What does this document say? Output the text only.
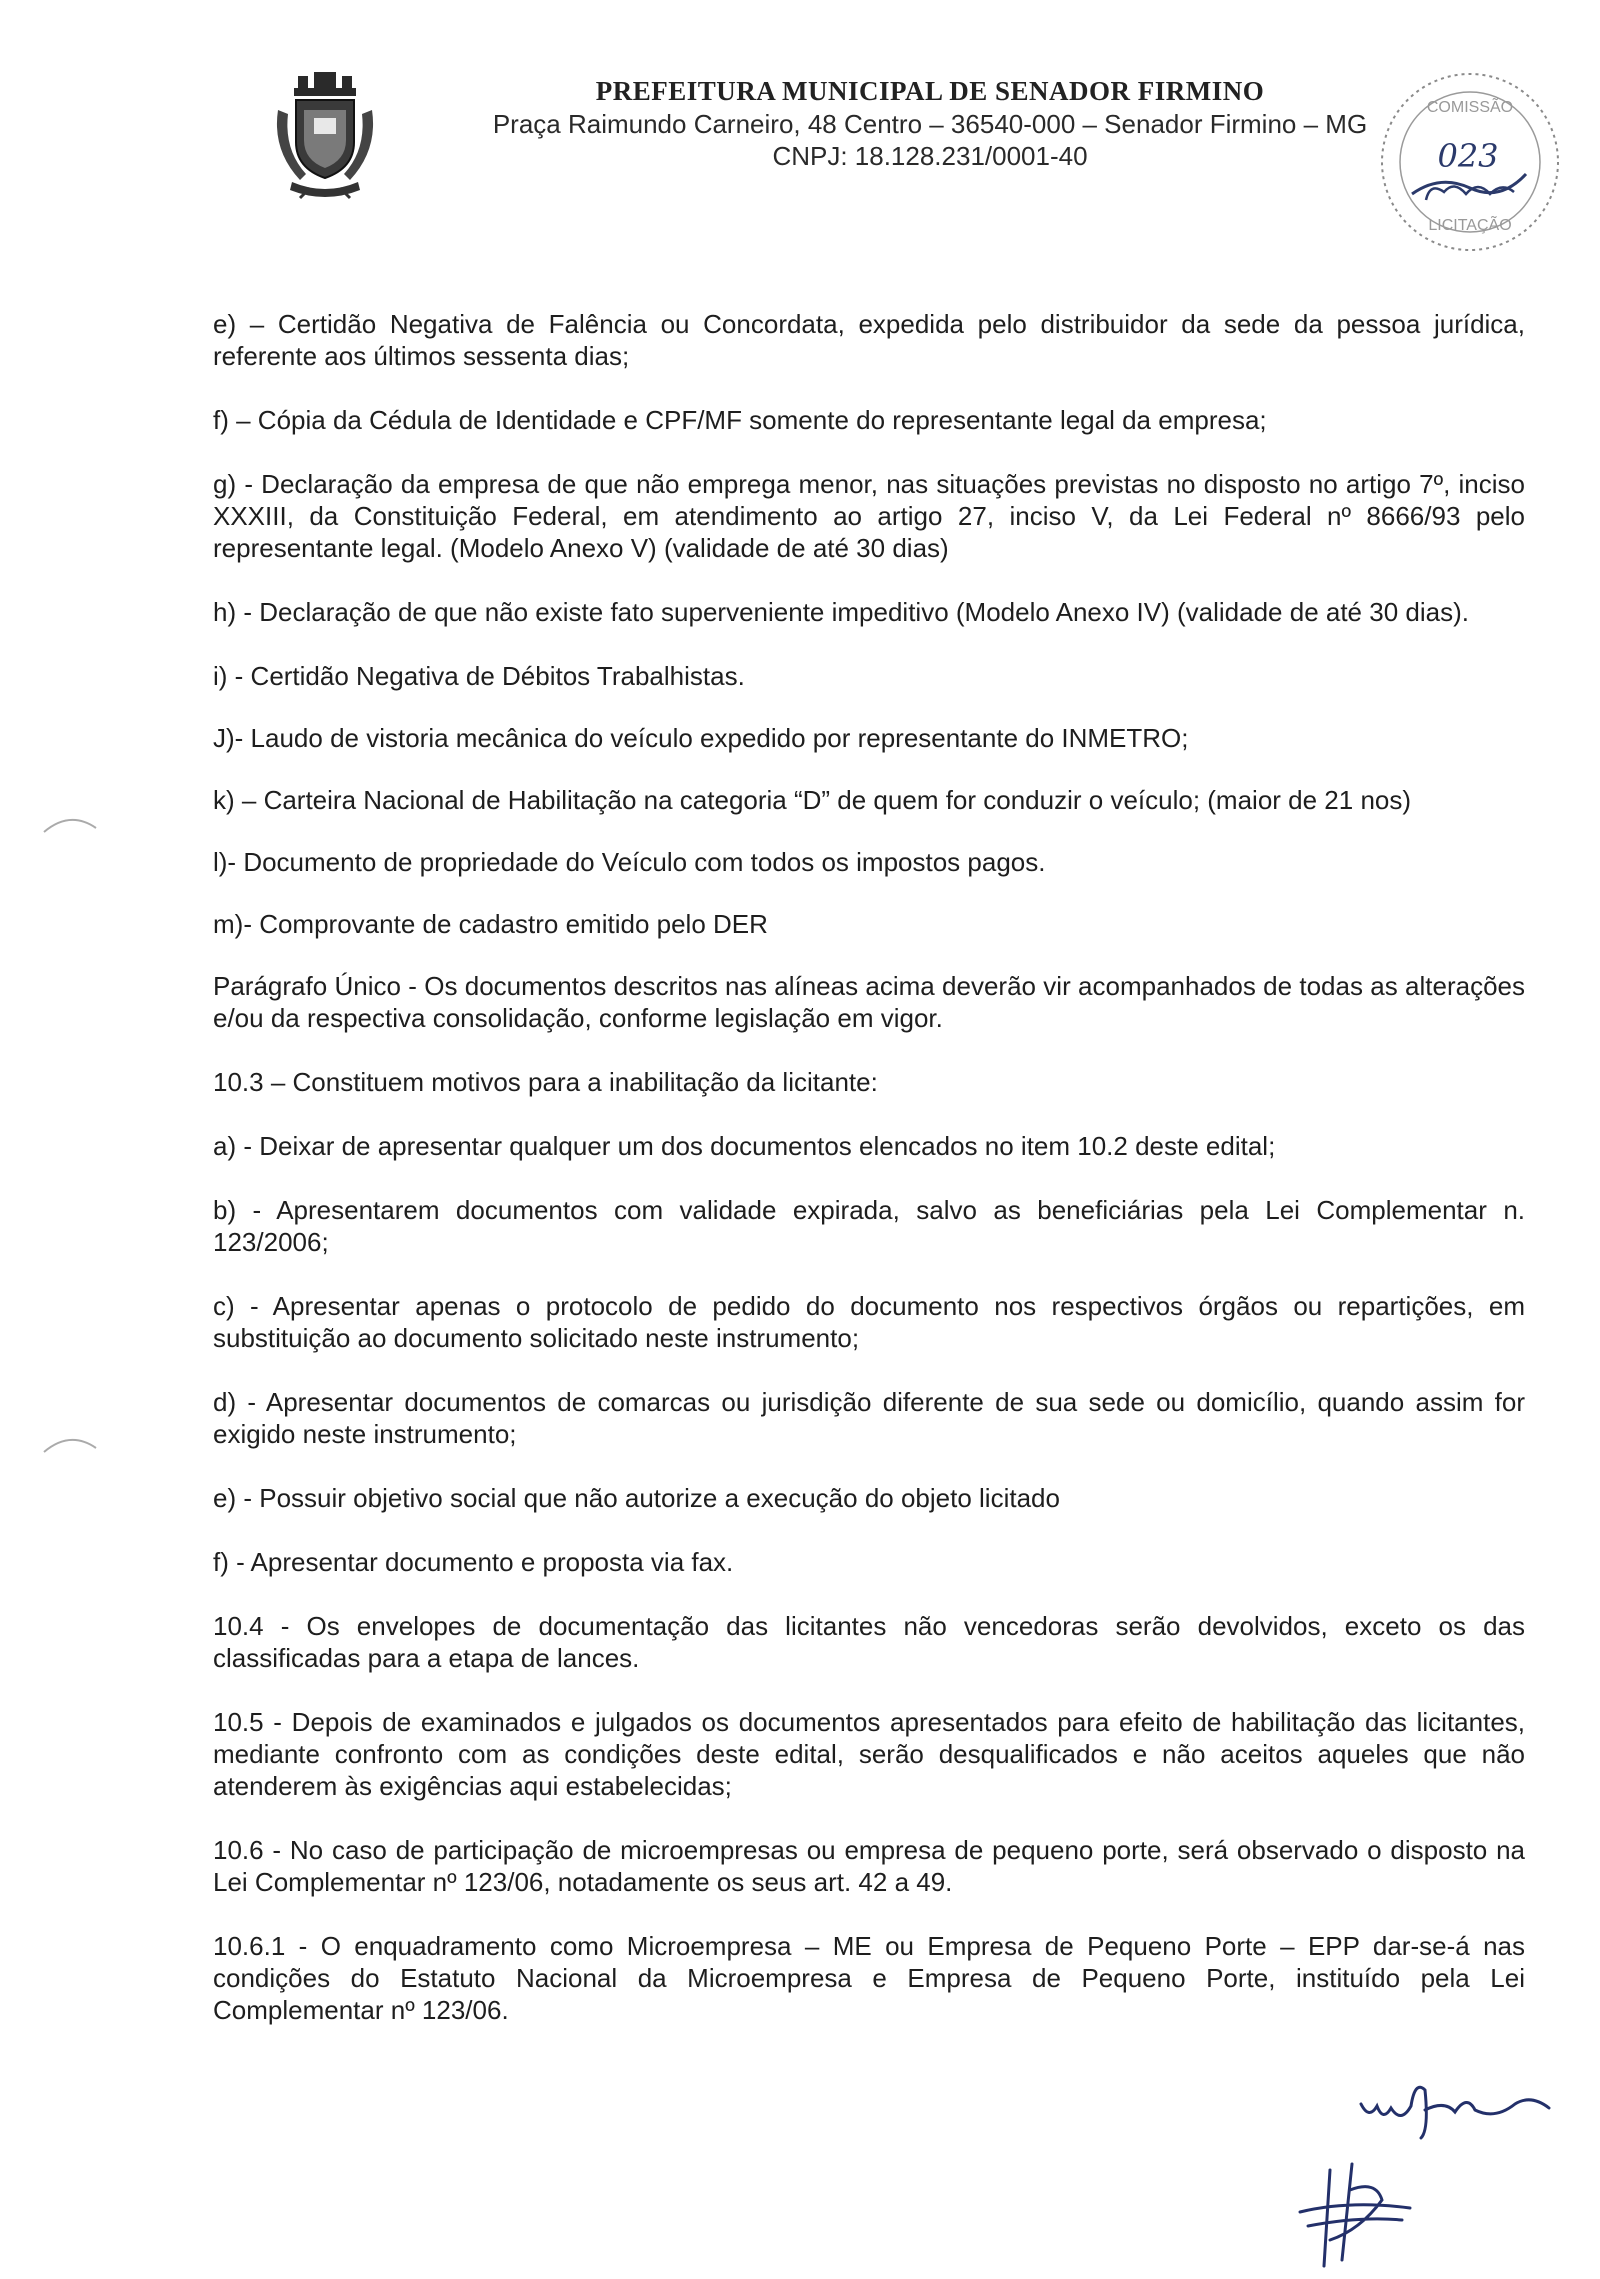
PREFEITURA MUNICIPAL DE SENADOR FIRMINO
Praça Raimundo Carneiro, 48 Centro – 36540-000 – Senador Firmino – MG
CNPJ: 18.128.231/0001-40
COMISSÃO
LICITAÇÃO
023

e) – Certidão Negativa de Falência ou Concordata, expedida pelo distribuidor da sede da pessoa jurídica, referente aos últimos sessenta dias;

f) – Cópia da Cédula de Identidade e CPF/MF somente do representante legal da empresa;

g) - Declaração da empresa de que não emprega menor, nas situações previstas no disposto no artigo 7º, inciso XXXIII, da Constituição Federal, em atendimento ao artigo 27, inciso V, da Lei Federal nº 8666/93 pelo representante legal. (Modelo Anexo V) (validade de até 30 dias)

h) - Declaração de que não existe fato superveniente impeditivo (Modelo Anexo IV) (validade de até 30 dias).

i) - Certidão Negativa de Débitos Trabalhistas.

J)- Laudo de vistoria mecânica do veículo expedido por representante do INMETRO;

k) – Carteira Nacional de Habilitação na categoria “D” de quem for conduzir o veículo; (maior de 21 nos)

l)- Documento de propriedade do Veículo com todos os impostos pagos.

m)- Comprovante de cadastro emitido pelo DER

Parágrafo Único - Os documentos descritos nas alíneas acima deverão vir acompanhados de todas as alterações e/ou da respectiva consolidação, conforme legislação em vigor.

10.3 – Constituem motivos para a inabilitação da licitante:

a) - Deixar de apresentar qualquer um dos documentos elencados no item 10.2 deste edital;

b) - Apresentarem documentos com validade expirada, salvo as beneficiárias pela Lei Complementar n. 123/2006;

c) - Apresentar apenas o protocolo de pedido do documento nos respectivos órgãos ou repartições, em substituição ao documento solicitado neste instrumento;

d) - Apresentar documentos de comarcas ou jurisdição diferente de sua sede ou domicílio, quando assim for exigido neste instrumento;

e) - Possuir objetivo social que não autorize a execução do objeto licitado

f) - Apresentar documento e proposta via fax.

10.4 - Os envelopes de documentação das licitantes não vencedoras serão devolvidos, exceto os das classificadas para a etapa de lances.

10.5 - Depois de examinados e julgados os documentos apresentados para efeito de habilitação das licitantes, mediante confronto com as condições deste edital, serão desqualificados e não aceitos aqueles que não atenderem às exigências aqui estabelecidas;

10.6 - No caso de participação de microempresas ou empresa de pequeno porte, será observado o disposto na Lei Complementar nº 123/06, notadamente os seus art. 42 a 49.

10.6.1 - O enquadramento como Microempresa – ME ou Empresa de Pequeno Porte – EPP dar-se-á nas condições do Estatuto Nacional da Microempresa e Empresa de Pequeno Porte, instituído pela Lei Complementar nº 123/06.
